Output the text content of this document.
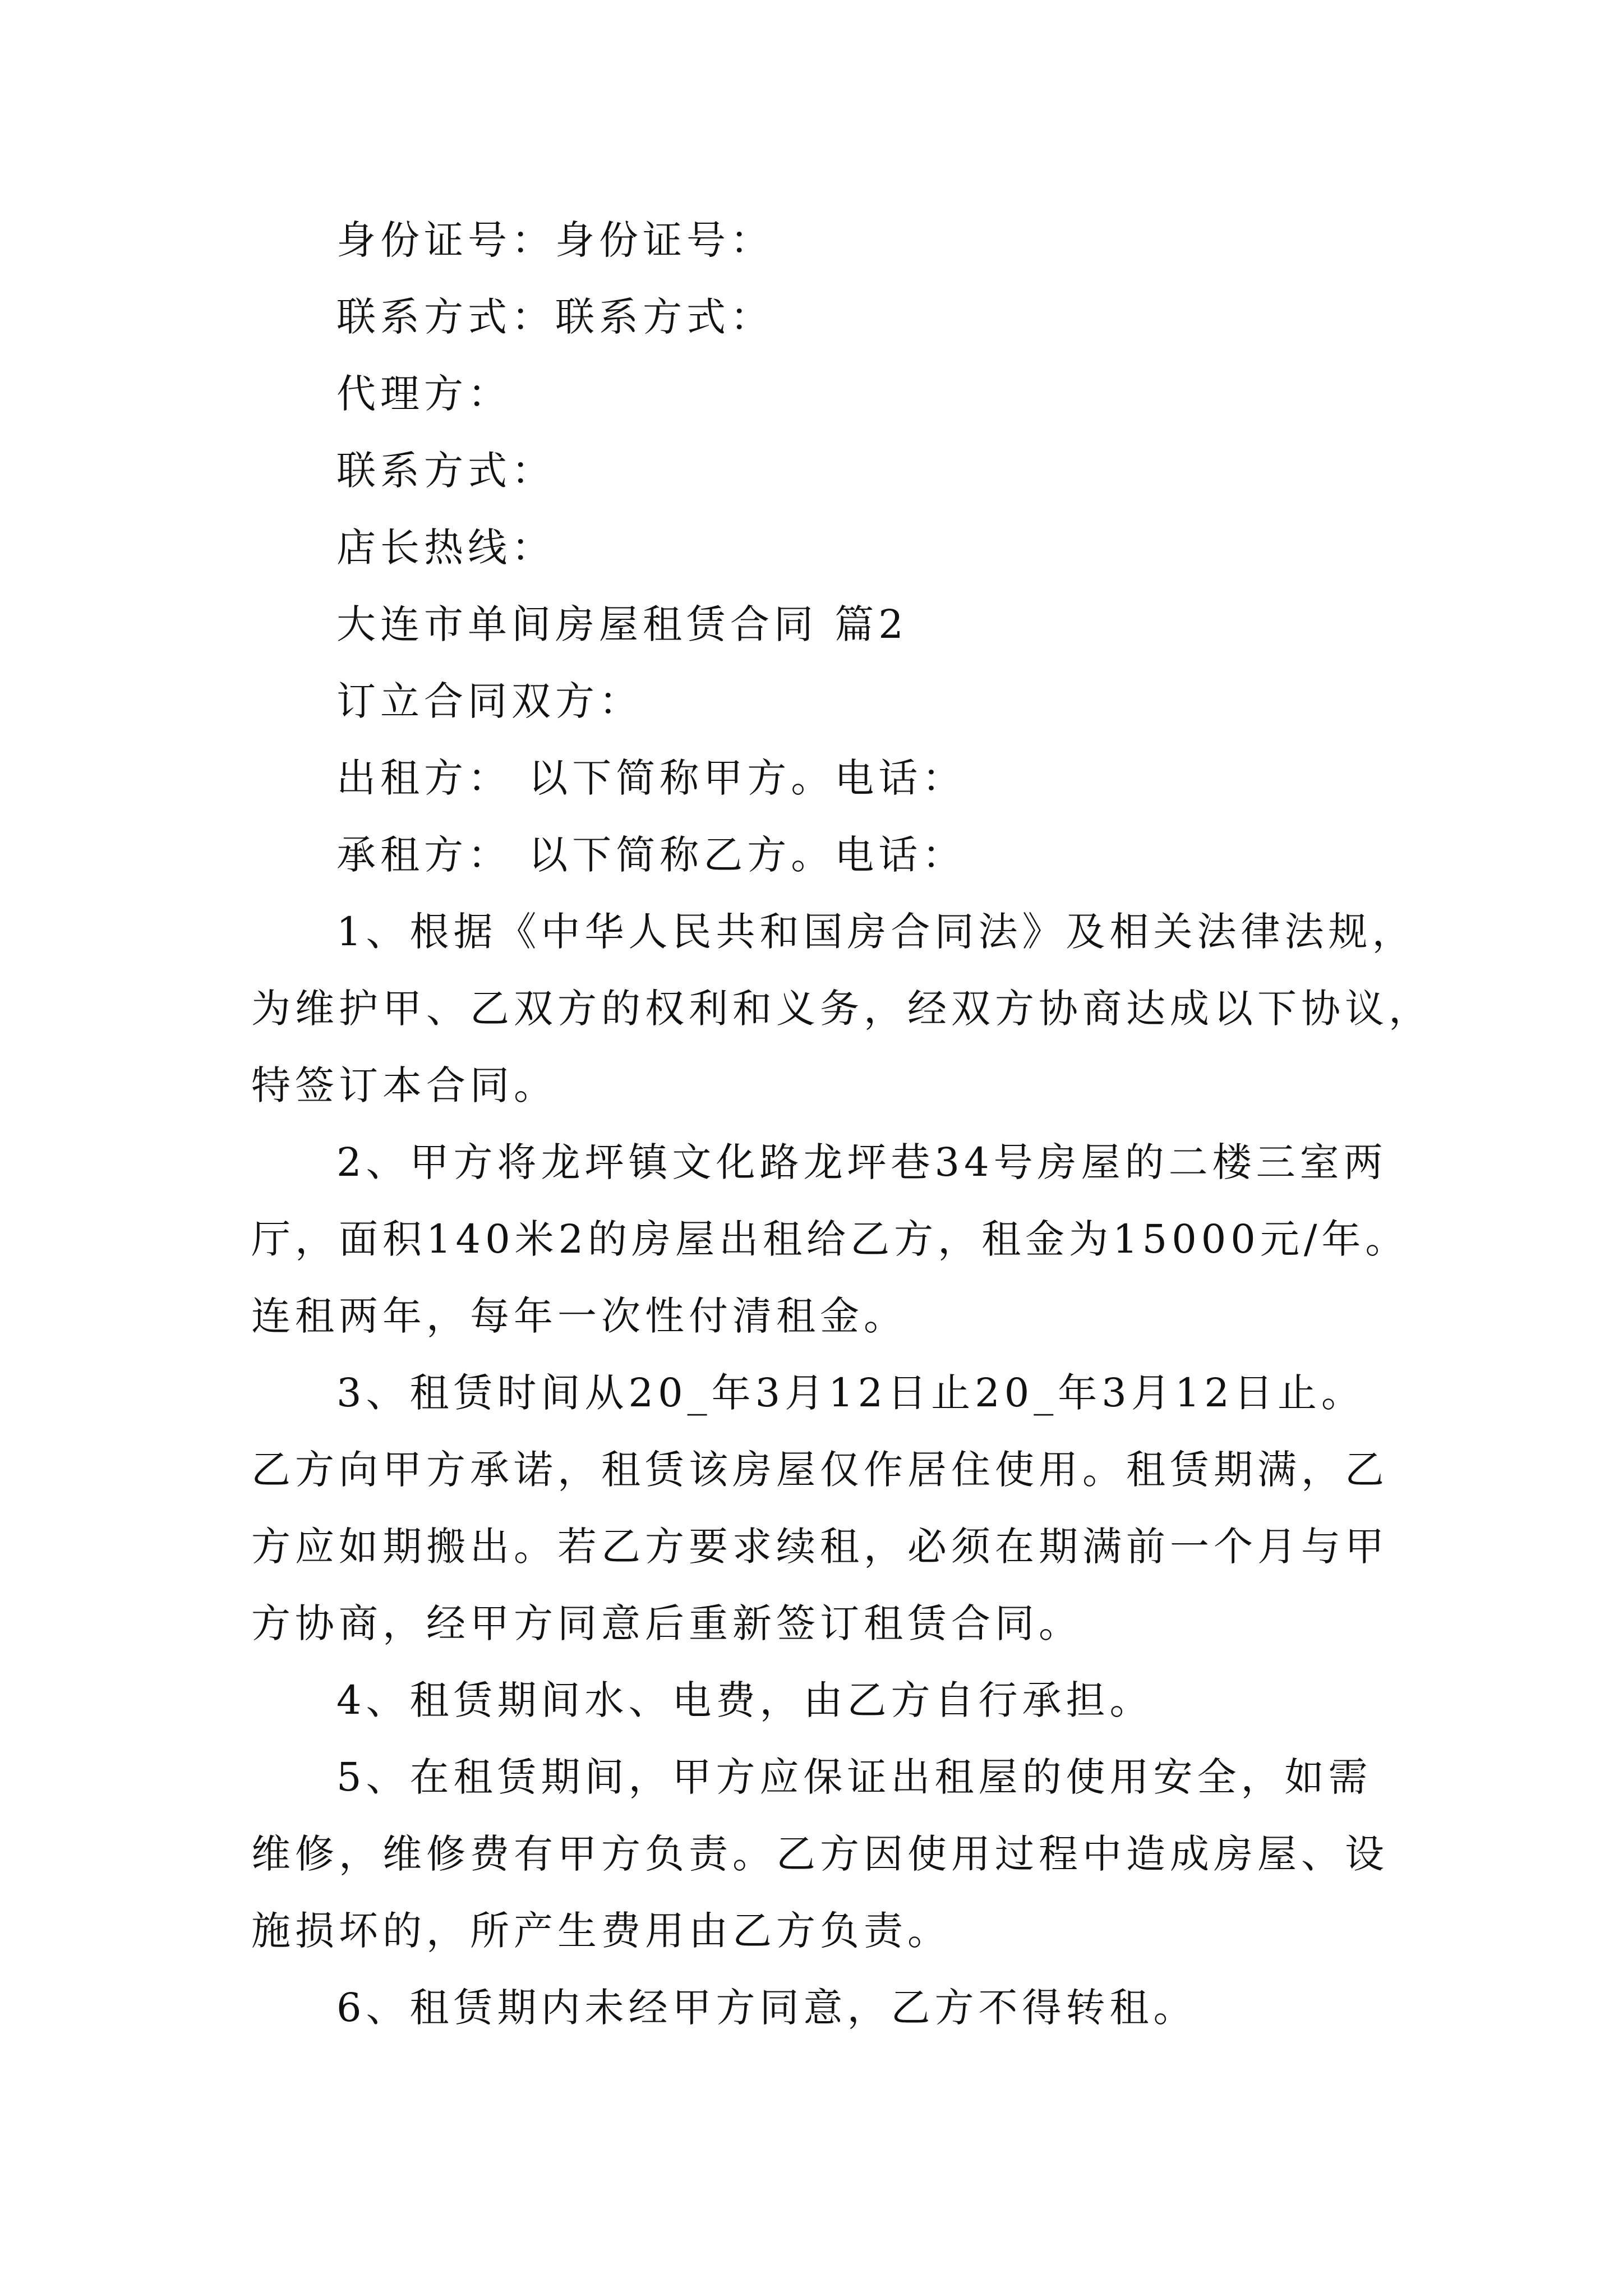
身份证号：身份证号：
联系方式：联系方式：
代理方：
联系方式：
店长热线：
大连市单间房屋租赁合同 篇2
订立合同双方：
出租方： 以下简称甲方。电话：
承租方： 以下简称乙方。电话：
1、根据《中华人民共和国房合同法》及相关法律法规，
为维护甲、乙双方的权利和义务，经双方协商达成以下协议，
特签订本合同。
2、甲方将龙坪镇文化路龙坪巷34号房屋的二楼三室两
厅，面积140米2的房屋出租给乙方，租金为15000元/年。
连租两年，每年一次性付清租金。
3、租赁时间从20_年3月12日止20_年3月12日止。
乙方向甲方承诺，租赁该房屋仅作居住使用。租赁期满，乙
方应如期搬出。若乙方要求续租，必须在期满前一个月与甲
方协商，经甲方同意后重新签订租赁合同。
4、租赁期间水、电费，由乙方自行承担。
5、在租赁期间，甲方应保证出租屋的使用安全，如需
维修，维修费有甲方负责。乙方因使用过程中造成房屋、设
施损坏的，所产生费用由乙方负责。
6、租赁期内未经甲方同意，乙方不得转租。
